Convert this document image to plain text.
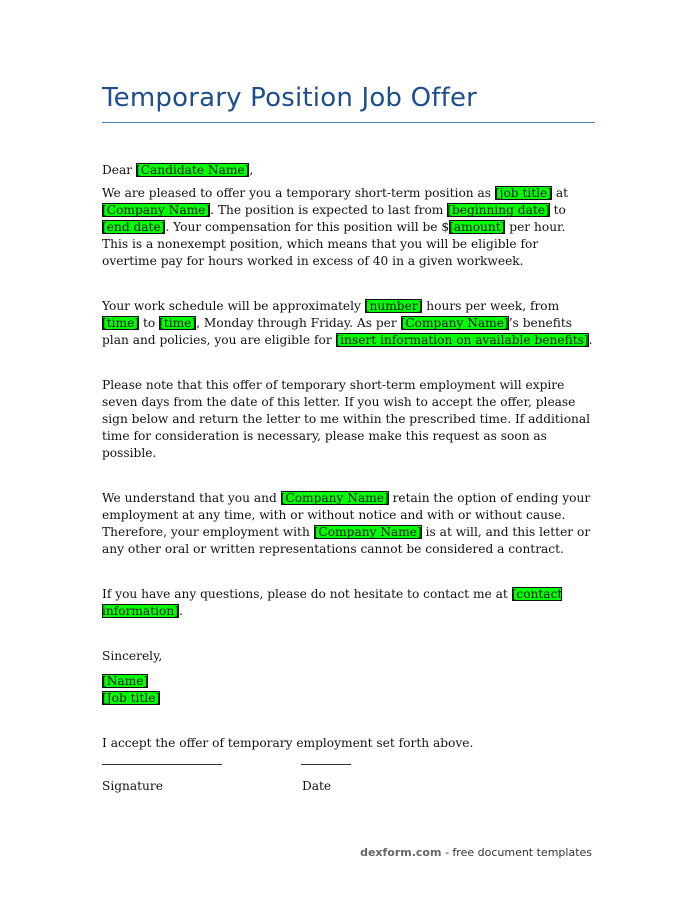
Temporary Position Job Offer

Dear [Candidate Name],

We are pleased to offer you a temporary short-term position as [job title] at [Company Name]. The position is expected to last from [beginning date] to [end date]. Your compensation for this position will be $[amount] per hour. This is a nonexempt position, which means that you will be eligible for overtime pay for hours worked in excess of 40 in a given workweek.

Your work schedule will be approximately [number] hours per week, from [time] to [time], Monday through Friday. As per [Company Name]’s benefits plan and policies, you are eligible for [insert information on available benefits].

Please note that this offer of temporary short-term employment will expire seven days from the date of this letter. If you wish to accept the offer, please sign below and return the letter to me within the prescribed time. If additional time for consideration is necessary, please make this request as soon as possible.

We understand that you and [Company Name] retain the option of ending your employment at any time, with or without notice and with or without cause. Therefore, your employment with [Company Name] is at will, and this letter or any other oral or written representations cannot be considered a contract.

If you have any questions, please do not hesitate to contact me at [contact information].

Sincerely,

[Name]
[Job title]

I accept the offer of temporary employment set forth above.

Signature	Date
dexform.com - free document templates
